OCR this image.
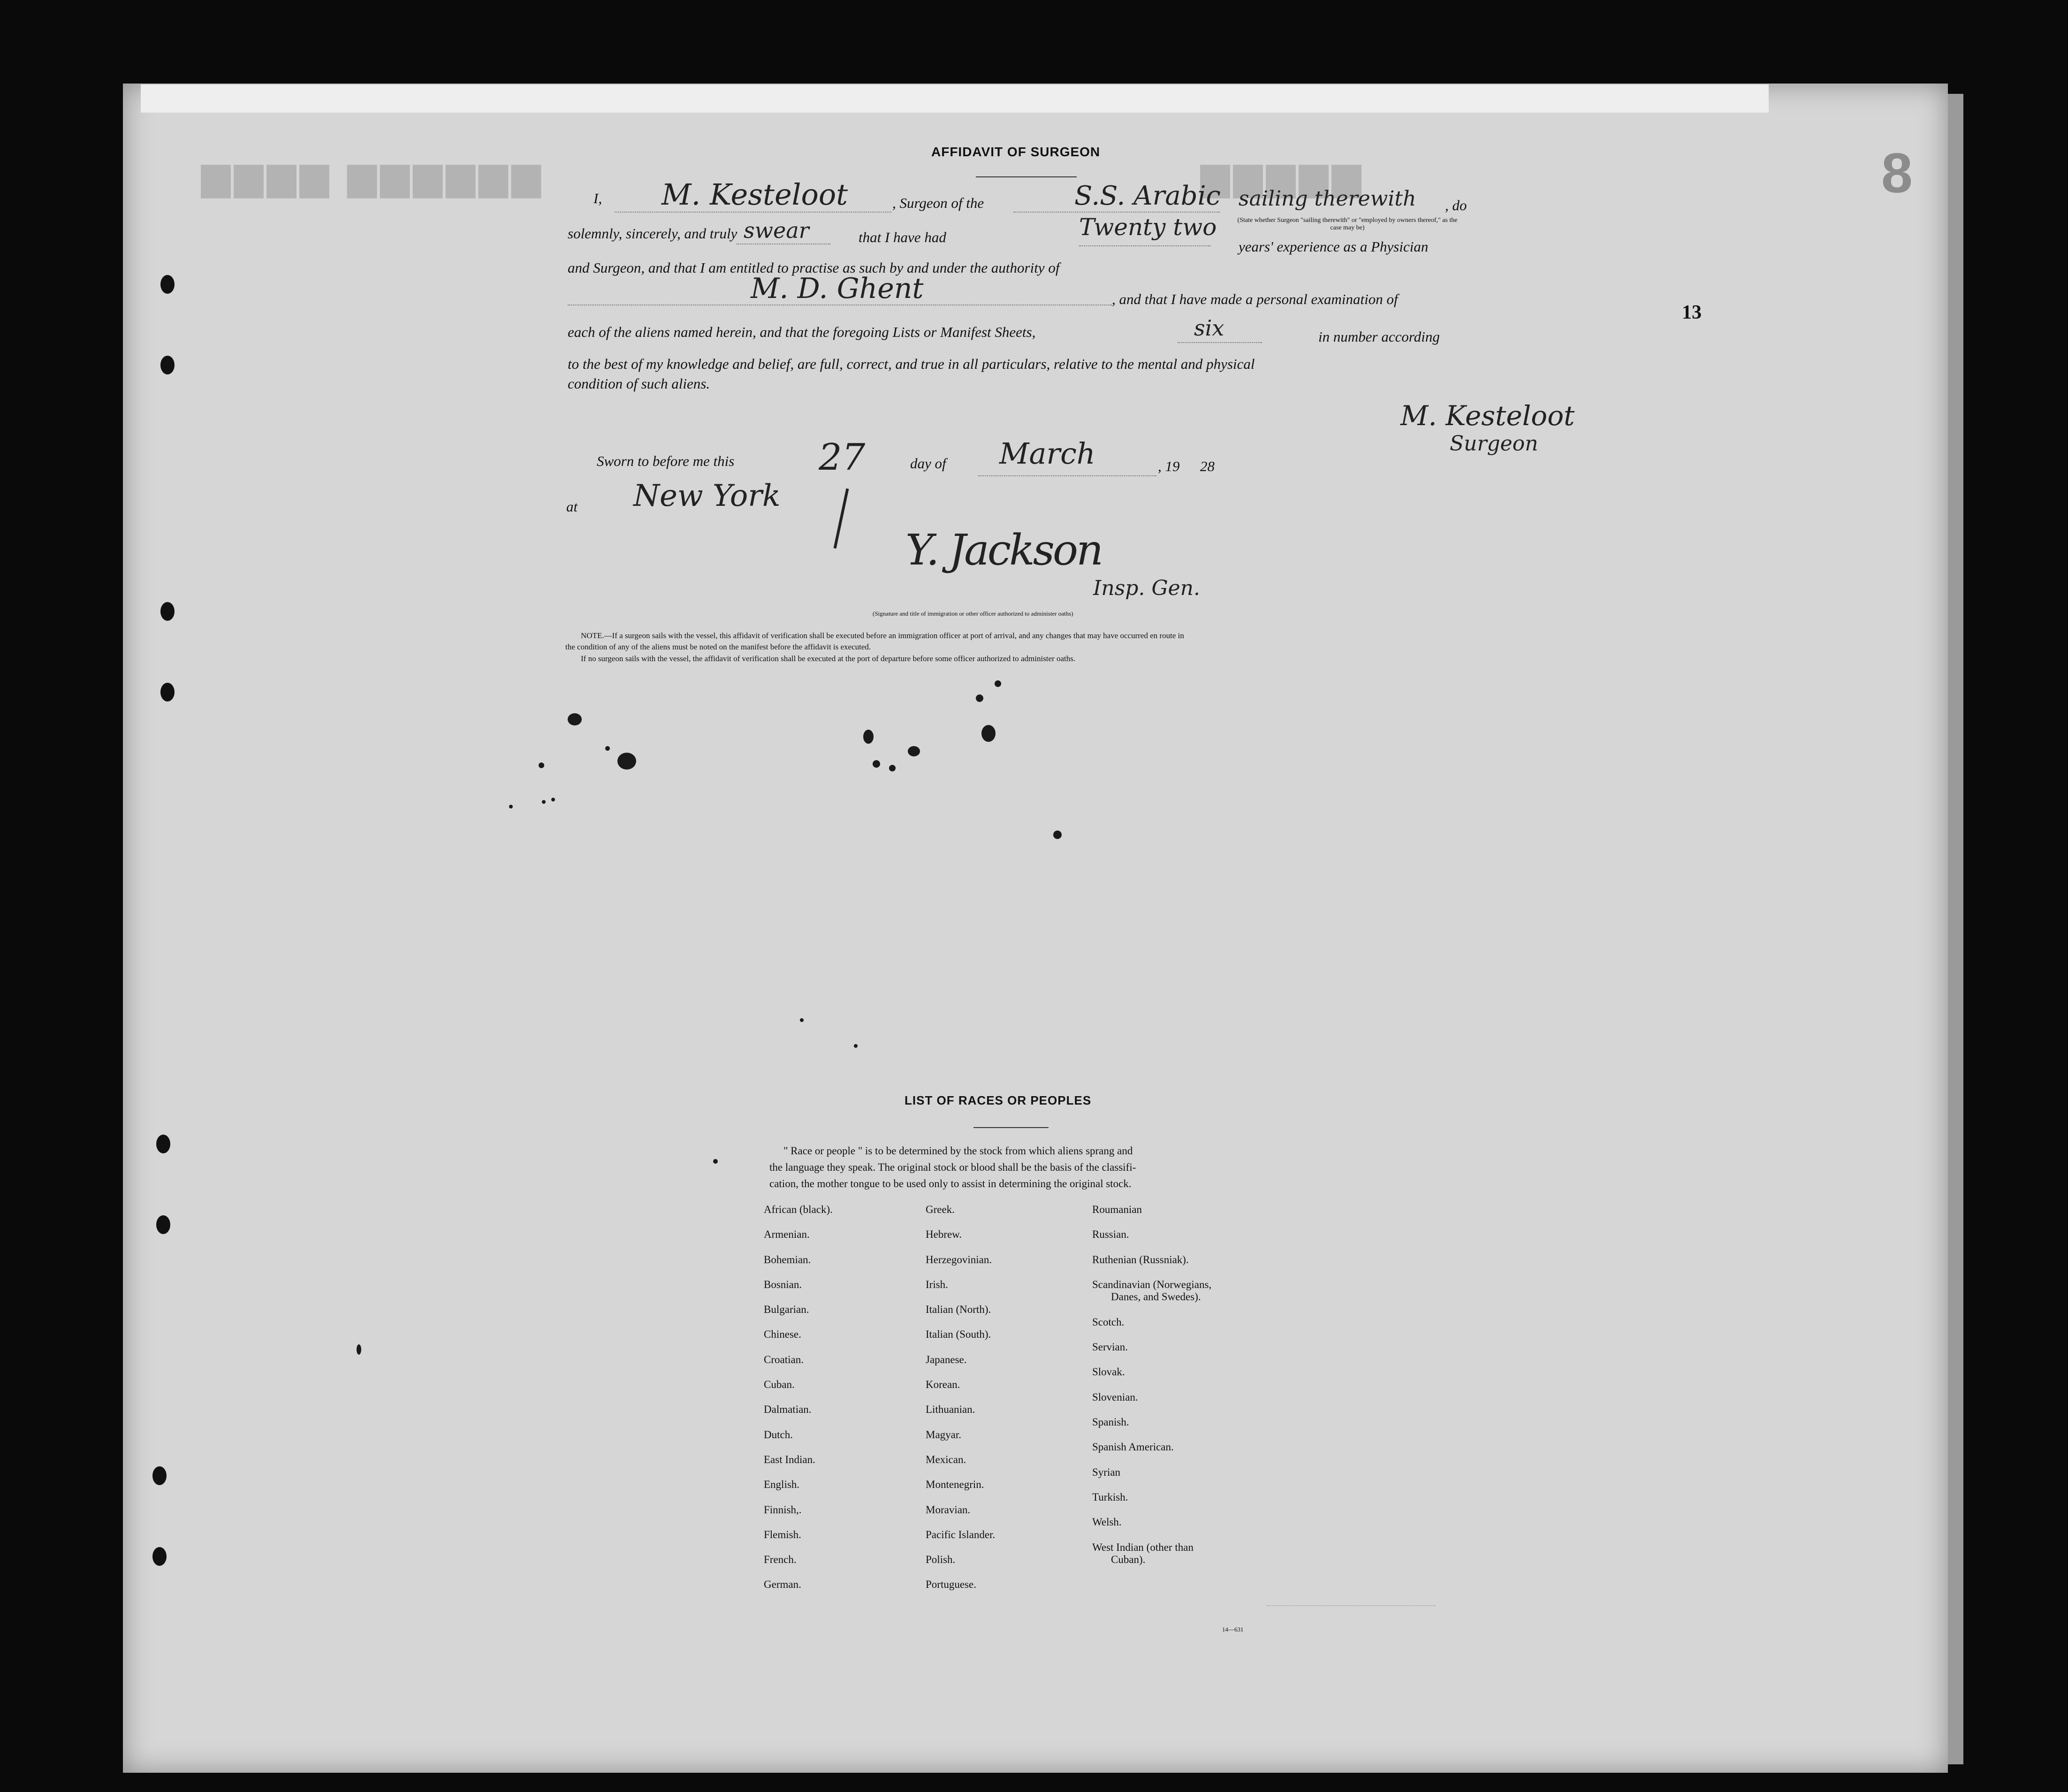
▆▆▆▆ ▆▆▆▆▆▆	▆▆▆▆▆	8
AFFIDAVIT OF SURGEON
I, M. Kesteloot	, Surgeon of the	S.S. Arabic sailing therewith
(State whether Surgeon "sailing therewith" or "employed by owners thereof," as the case may be)
, do
solemnly, sincerely, and truly swear	that I have had	Twenty two
years' experience as a Physician
and Surgeon, and that I am entitled to practise as such by and under the authority of
M. D. Ghent	, and that I have made a personal examination of
each of the aliens named herein, and that the foregoing Lists or Manifest Sheets,	six	in number according
to the best of my knowledge and belief, are full, correct, and true in all particulars, relative to the mental and physical
condition of such aliens.
13
M. Kesteloot
Surgeon
Sworn to before me this 27	day of March	, 19 28
at New York
Y. Jackson
Insp. Gen.
(Signature and title of immigration or other officer authorized to administer oaths)
NOTE.—If a surgeon sails with the vessel, this affidavit of verification shall be executed before an immigration officer at port of arrival, and any changes that may have occurred en route in
the condition of any of the aliens must be noted on the manifest before the affidavit is executed.
If no surgeon sails with the vessel, the affidavit of verification shall be executed at the port of departure before some officer authorized to administer oaths.
LIST OF RACES OR PEOPLES
" Race or people " is to be determined by the stock from which aliens sprang and
the language they speak. The original stock or blood shall be the basis of the classifi-
cation, the mother tongue to be used only to assist in determining the original stock.
African (black).
Armenian.
Bohemian.
Bosnian.
Bulgarian.
Chinese.
Croatian.
Cuban.
Dalmatian.
Dutch.
East Indian.
English.
Finnish,.
Flemish.
French.
German.
Greek.
Hebrew.
Herzegovinian.
Irish.
Italian (North).
Italian (South).
Japanese.
Korean.
Lithuanian.
Magyar.
Mexican.
Montenegrin.
Moravian.
Pacific Islander.
Polish.
Portuguese.
Roumanian
Russian.
Ruthenian (Russniak).
Scandinavian (Norwegians,
Danes, and Swedes).
Scotch.
Servian.
Slovak.
Slovenian.
Spanish.
Spanish American.
Syrian
Turkish.
Welsh.
West Indian (other than
Cuban).
14—631
